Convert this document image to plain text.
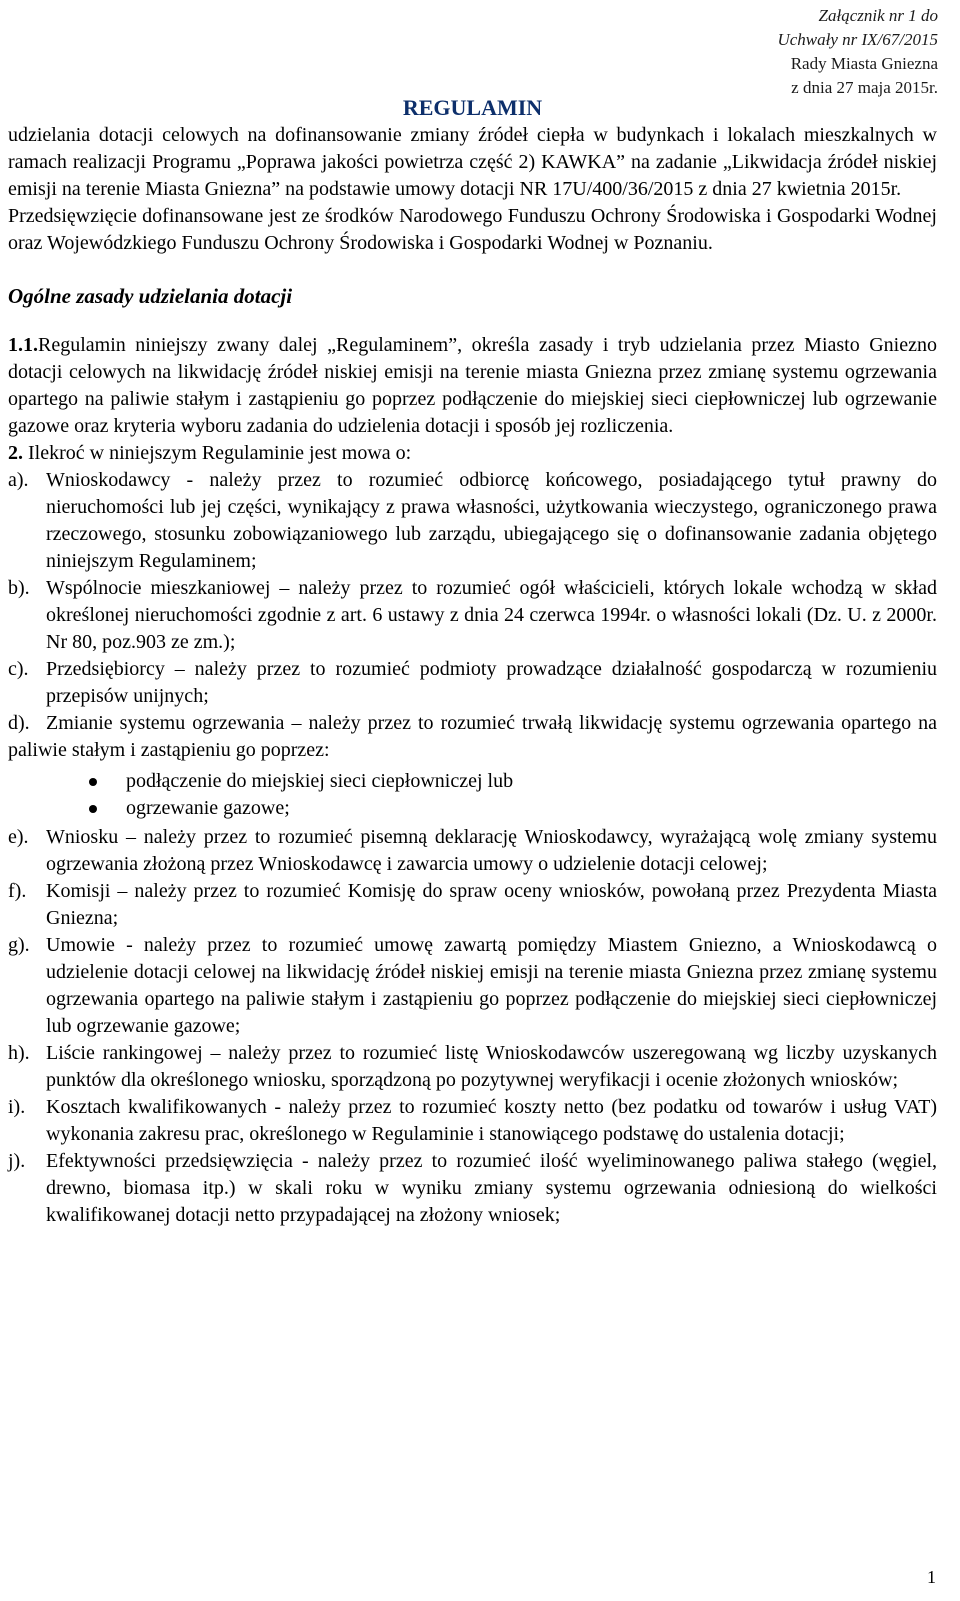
Załącznik nr 1 do
Uchwały nr IX/67/2015
Rady Miasta Gniezna
z dnia 27 maja 2015r.
REGULAMIN

udzielania dotacji celowych na dofinansowanie zmiany źródeł ciepła w budynkach i lokalach mieszkalnych w ramach realizacji Programu „Poprawa jakości powietrza część 2) KAWKA” na zadanie „Likwidacja źródeł niskiej emisji na terenie Miasta Gniezna” na podstawie umowy dotacji NR 17U/400/36/2015 z dnia 27 kwietnia 2015r.

Przedsięwzięcie dofinansowane jest ze środków Narodowego Funduszu Ochrony Środowiska i Gospodarki Wodnej oraz Wojewódzkiego Funduszu Ochrony Środowiska i Gospodarki Wodnej w Poznaniu.

Ogólne zasady udzielania dotacji

1.1.Regulamin niniejszy zwany dalej „Regulaminem”, określa zasady i tryb udzielania przez Miasto Gniezno dotacji celowych na likwidację źródeł niskiej emisji na terenie miasta Gniezna przez zmianę systemu ogrzewania opartego na paliwie stałym i zastąpieniu go poprzez podłączenie do miejskiej sieci ciepłowniczej lub ogrzewanie gazowe oraz kryteria wyboru zadania do udzielenia dotacji i sposób jej rozliczenia.

2. Ilekroć w niniejszym Regulaminie jest mowa o:

a). Wnioskodawcy - należy przez to rozumieć odbiorcę końcowego, posiadającego tytuł prawny do nieruchomości lub jej części, wynikający z prawa własności, użytkowania wieczystego, ograniczonego prawa rzeczowego, stosunku zobowiązaniowego lub zarządu, ubiegającego się o dofinansowanie zadania objętego niniejszym Regulaminem;
b). Wspólnocie mieszkaniowej – należy przez to rozumieć ogół właścicieli, których lokale wchodzą w skład określonej nieruchomości zgodnie z art. 6 ustawy z dnia 24 czerwca 1994r. o własności lokali (Dz. U. z 2000r. Nr 80, poz.903 ze zm.);
c). Przedsiębiorcy – należy przez to rozumieć podmioty prowadzące działalność gospodarczą w rozumieniu przepisów unijnych;
d). Zmianie systemu ogrzewania – należy przez to rozumieć trwałą likwidację systemu ogrzewania opartego na paliwie stałym i zastąpieniu go poprzez:
podłączenie do miejskiej sieci ciepłowniczej lub
ogrzewanie gazowe;
e). Wniosku – należy przez to rozumieć pisemną deklarację Wnioskodawcy, wyrażającą wolę zmiany systemu ogrzewania złożoną przez Wnioskodawcę i zawarcia umowy o udzielenie dotacji celowej;
f). Komisji – należy przez to rozumieć Komisję do spraw oceny wniosków, powołaną przez Prezydenta Miasta Gniezna;
g). Umowie - należy przez to rozumieć umowę zawartą pomiędzy Miastem Gniezno, a Wnioskodawcą o udzielenie dotacji celowej na likwidację źródeł niskiej emisji na terenie miasta Gniezna przez zmianę systemu ogrzewania opartego na paliwie stałym i zastąpieniu go poprzez podłączenie do miejskiej sieci ciepłowniczej lub ogrzewanie gazowe;
h). Liście rankingowej – należy przez to rozumieć listę Wnioskodawców uszeregowaną wg liczby uzyskanych punktów dla określonego wniosku, sporządzoną po pozytywnej weryfikacji i ocenie złożonych wniosków;
i).	Kosztach kwalifikowanych - należy przez to rozumieć koszty netto (bez podatku od towarów i usług VAT) wykonania zakresu prac, określonego w Regulaminie i stanowiącego podstawę do ustalenia dotacji;
j).	Efektywności przedsięwzięcia - należy przez to rozumieć ilość wyeliminowanego paliwa stałego (węgiel, drewno, biomasa itp.) w skali roku w wyniku zmiany systemu ogrzewania odniesioną do wielkości kwalifikowanej dotacji netto przypadającej na złożony wniosek;
1
